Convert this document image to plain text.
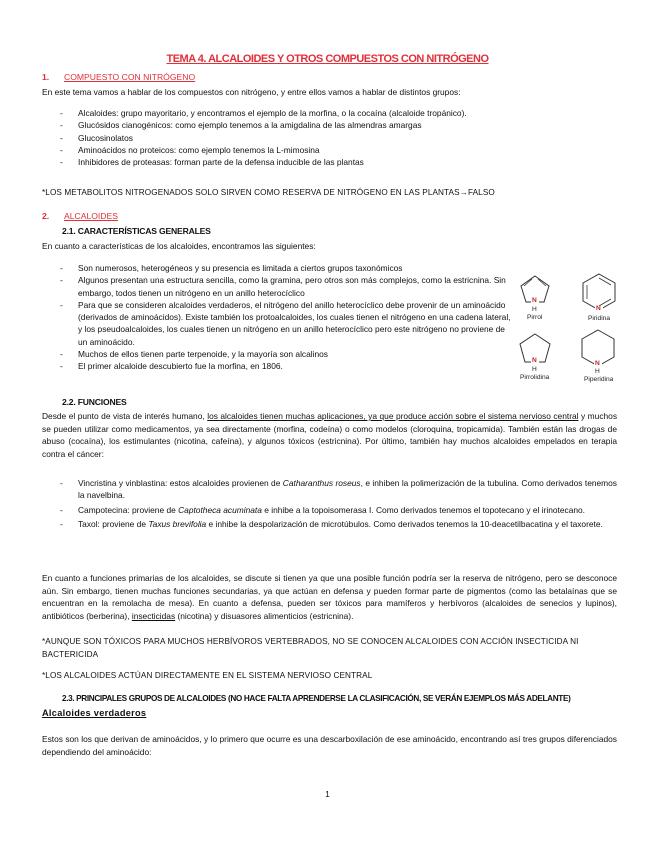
TEMA 4. ALCALOIDES Y OTROS COMPUESTOS CON NITRÓGENO
1. COMPUESTO CON NITRÓGENO
En este tema vamos a hablar de los compuestos con nitrógeno, y entre ellos vamos a hablar de distintos grupos:
- Alcaloides: grupo mayoritario, y encontramos el ejemplo de la morfina, o la cocaína (alcaloide tropánico).
- Glucósidos cianogénicos: como ejemplo tenemos a la amigdalina de las almendras amargas
- Glucosinolatos
- Aminoácidos no proteicos: como ejemplo tenemos la L-mimosina
- Inhibidores de proteasas: forman parte de la defensa inducible de las plantas
*LOS METABOLITOS NITROGENADOS SOLO SIRVEN COMO RESERVA DE NITRÓGENO EN LAS PLANTAS→FALSO
2. ALCALOIDES
2.1. CARACTERÍSTICAS GENERALES
En cuanto a características de los alcaloides, encontramos las siguientes:
- Son numerosos, heterogéneos y su presencia es limitada a ciertos grupos taxonómicos
- Algunos presentan una estructura sencilla, como la gramina, pero otros son más complejos, como la estricnina. Sin embargo, todos tienen un nitrógeno en un anillo heterocíclico
- Para que se consideren alcaloides verdaderos, el nitrógeno del anillo heterocíclico debe provenir de un aminoácido (derivados de aminoácidos). Existe también los protoalcaloides, los cuales tienen el nitrógeno en una cadena lateral, y los pseudoalcaloides, los cuales tienen un nitrógeno en un anillo heterocíclico pero este nitrógeno no proviene de un aminoácido.
- Muchos de ellos tienen parte terpenoide, y la mayoría son alcalinos
- El primer alcaloide descubierto fue la morfina, en 1806.
N
H
Pirrol
N
Piridina
N
H
Pirrolidina
N
H
Piperidina
2.2. FUNCIONES
Desde el punto de vista de interés humano, los alcaloides tienen muchas aplicaciones, ya que produce acción sobre el sistema nervioso central y muchos se pueden utilizar como medicamentos, ya sea directamente (morfina, codeína) o como modelos (cloroquina, tropicamida). También están las drogas de abuso (cocaína), los estimulantes (nicotina, cafeína), y algunos tóxicos (estricnina). Por último, también hay muchos alcaloides empelados en terapia contra el cáncer:
- Vincristina y vinblastina: estos alcaloides provienen de Catharanthus roseus, e inhiben la polimerización de la tubulina. Como derivados tenemos la navelbina.
- Campotecina: proviene de Captotheca acuminata e inhibe a la topoisomerasa I. Como derivados tenemos el topotecano y el irinotecano.
- Taxol: proviene de Taxus brevifolia e inhibe la despolarización de microtúbulos. Como derivados tenemos la 10-deacetilbacatina y el taxorete.
En cuanto a funciones primarias de los alcaloides, se discute si tienen ya que una posible función podría ser la reserva de nitrógeno, pero se desconoce aún. Sin embargo, tienen muchas funciones secundarias, ya que actúan en defensa y pueden formar parte de pigmentos (como las betalaínas que se encuentran en la remolacha de mesa). En cuanto a defensa, pueden ser tóxicos para mamíferos y herbívoros (alcaloides de senecios y lupinos), antibióticos (berberina), insecticidas (nicotina) y disuasores alimenticios (estricnina).
*AUNQUE SON TÓXICOS PARA MUCHOS HERBÍVOROS VERTEBRADOS, NO SE CONOCEN ALCALOIDES CON ACCIÓN INSECTICIDA NI BACTERICIDA
*LOS ALCALOIDES ACTÚAN DIRECTAMENTE EN EL SISTEMA NERVIOSO CENTRAL
2.3. PRINCIPALES GRUPOS DE ALCALOIDES (NO HACE FALTA APRENDERSE LA CLASIFICACIÓN, SE VERÁN EJEMPLOS MÁS ADELANTE)
Alcaloides verdaderos
Estos son los que derivan de aminoácidos, y lo primero que ocurre es una descarboxilación de ese aminoácido, encontrando así tres grupos diferenciados dependiendo del aminoácido:
1
